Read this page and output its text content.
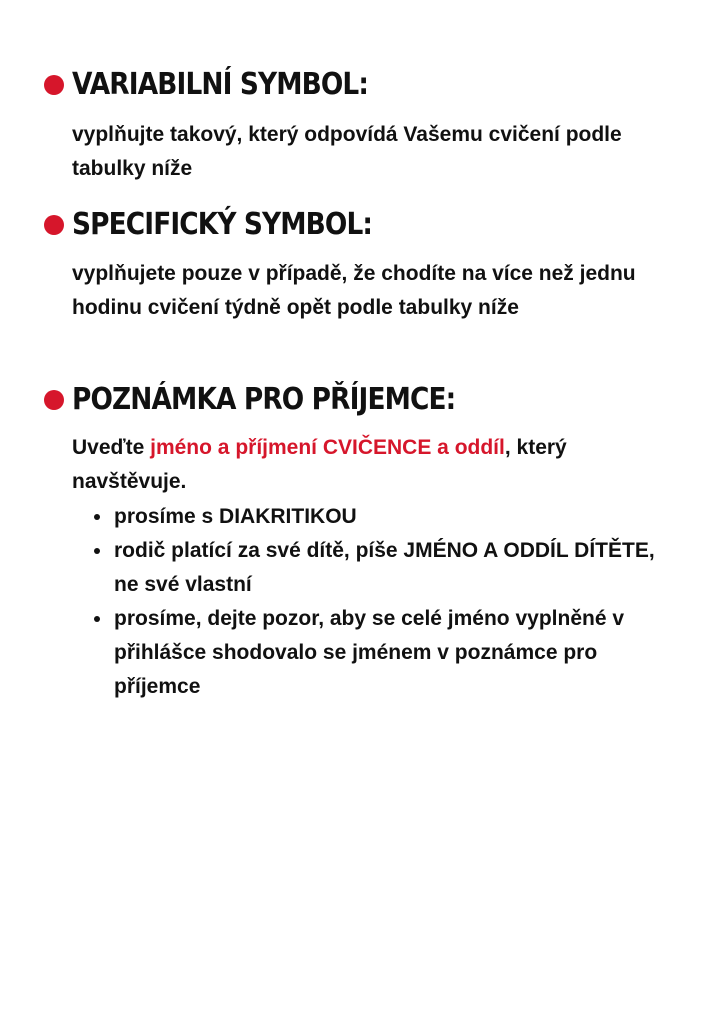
VARIABILNÍ SYMBOL:
vyplňujte takový, který odpovídá Vašemu cvičení podle tabulky níže
SPECIFICKÝ SYMBOL:
vyplňujete pouze v případě, že chodíte na více než jednu hodinu cvičení týdně opět podle tabulky níže
POZNÁMKA PRO PŘÍJEMCE:
Uveďte jméno a příjmení CVIČENCE a oddíl, který navštěvuje.
prosíme s DIAKRITIKOU
rodič platící za své dítě, píše JMÉNO A ODDÍL DÍTĚTE, ne své vlastní
prosíme, dejte pozor, aby se celé jméno vyplněné v přihlášce shodovalo se jménem v poznámce pro příjemce
